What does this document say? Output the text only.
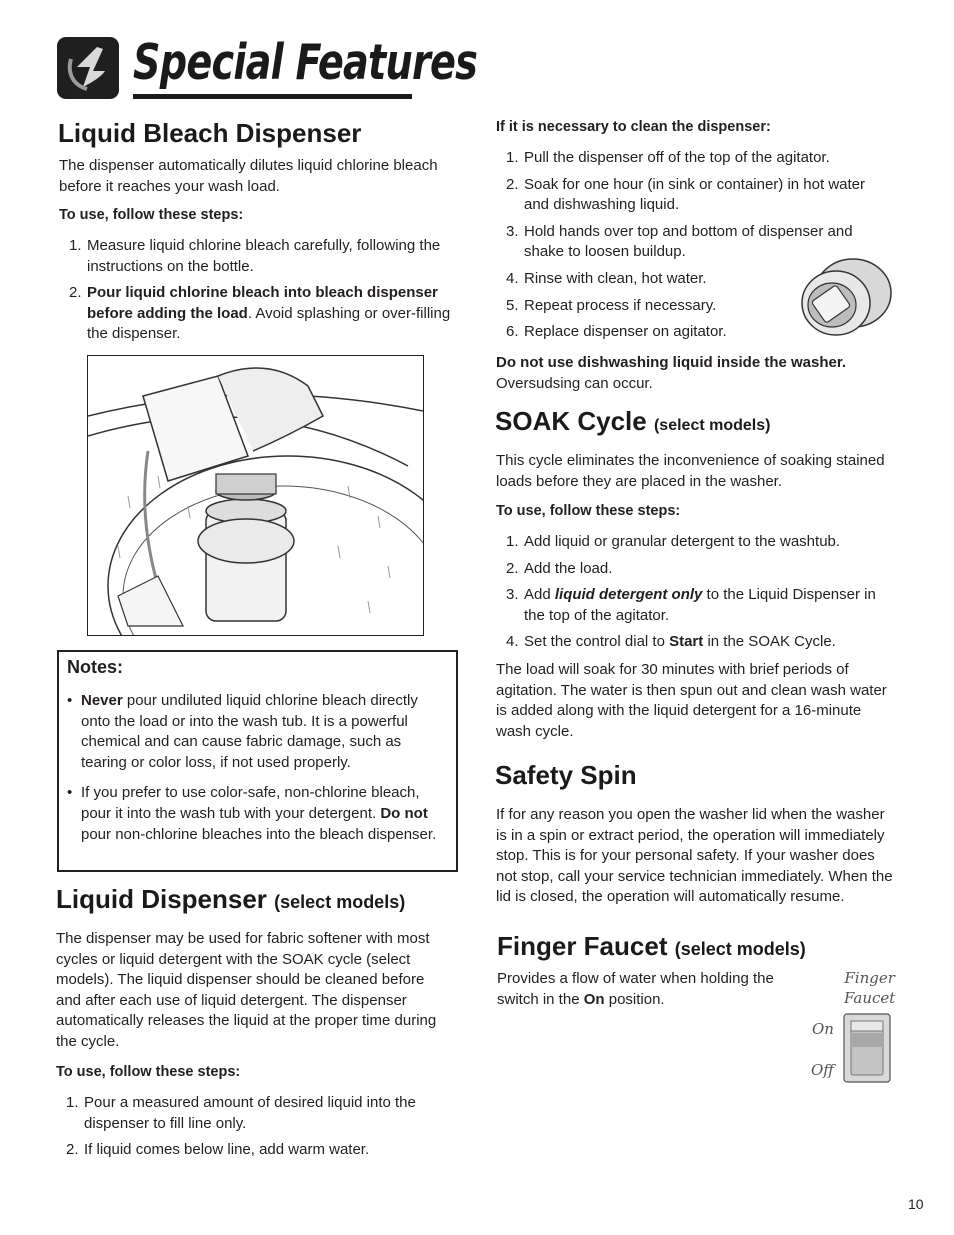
Special Features
Liquid Bleach Dispenser
The dispenser automatically dilutes liquid chlorine bleach before it reaches your wash load.
To use, follow these steps:
1. Measure liquid chlorine bleach carefully, following the instructions on the bottle.
2. Pour liquid chlorine bleach into bleach dispenser before adding the load. Avoid splashing or over-filling the dispenser.
Notes:
• Never pour undiluted liquid chlorine bleach directly onto the load or into the wash tub. It is a powerful chemical and can cause fabric damage, such as tearing or color loss, if not used properly.
• If you prefer to use color-safe, non-chlorine bleach, pour it into the wash tub with your detergent. Do not pour non-chlorine bleaches into the bleach dispenser.
Liquid Dispenser (select models)
The dispenser may be used for fabric softener with most cycles or liquid detergent with the SOAK cycle (select models). The liquid dispenser should be cleaned before and after each use of liquid detergent. The dispenser automatically releases the liquid at the proper time during the cycle.
To use, follow these steps:
1. Pour a measured amount of desired liquid into the dispenser to fill line only.
2. If liquid comes below line, add warm water.
If it is necessary to clean the dispenser:
1. Pull the dispenser off of the top of the agitator.
2. Soak for one hour (in sink or container) in hot water and dishwashing liquid.
3. Hold hands over top and bottom of dispenser and shake to loosen buildup.
4. Rinse with clean, hot water.
5. Repeat process if necessary.
6. Replace dispenser on agitator.
Do not use dishwashing liquid inside the washer.
Oversudsing can occur.
SOAK Cycle (select models)
This cycle eliminates the inconvenience of soaking stained loads before they are placed in the washer.
To use, follow these steps:
1. Add liquid or granular detergent to the washtub.
2. Add the load.
3. Add liquid detergent only to the Liquid Dispenser in the top of the agitator.
4. Set the control dial to Start in the SOAK Cycle.
The load will soak for 30 minutes with brief periods of agitation. The water is then spun out and clean wash water is added along with the liquid detergent for a 16-minute wash cycle.
Safety Spin
If for any reason you open the washer lid when the washer is in a spin or extract period, the operation will immediately stop. This is for your personal safety. If your washer does not stop, call your service technician immediately. When the lid is closed, the operation will automatically resume.
Finger Faucet (select models)
Provides a flow of water when holding the switch in the On position.
Finger
Faucet
On
Off
10
